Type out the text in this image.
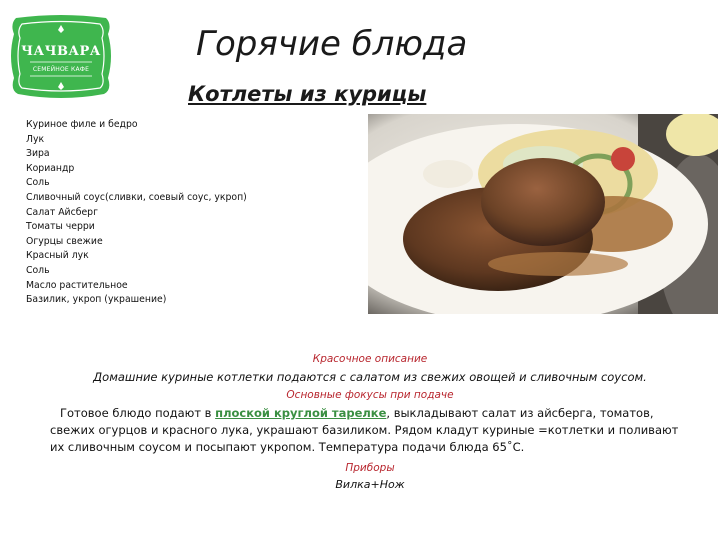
ЧАЧВАРА
СЕМЕЙНОЕ КАФЕ
Горячие блюда
Котлеты из курицы
Куриное филе и бедро
Лук
Зира
Кориандр
Соль
Сливочный соус(сливки, соевый соус, укроп)
Салат Айсберг
Томаты черри
Огурцы свежие
Красный лук
Соль
Масло растительное
Базилик, укроп (украшение)
Красочное описание
Домашние куриные котлетки подаются с салатом из свежих овощей и сливочным соусом.
Основные фокусы при подаче
Готовое блюдо подают в плоской круглой тарелке, выкладывают салат из айсберга, томатов, свежих огурцов и красного лука, украшают базиликом. Рядом кладут куриные =котлетки и поливают их сливочным соусом и посыпают укропом. Температура подачи блюда 65˚С.
Приборы
Вилка+Нож
